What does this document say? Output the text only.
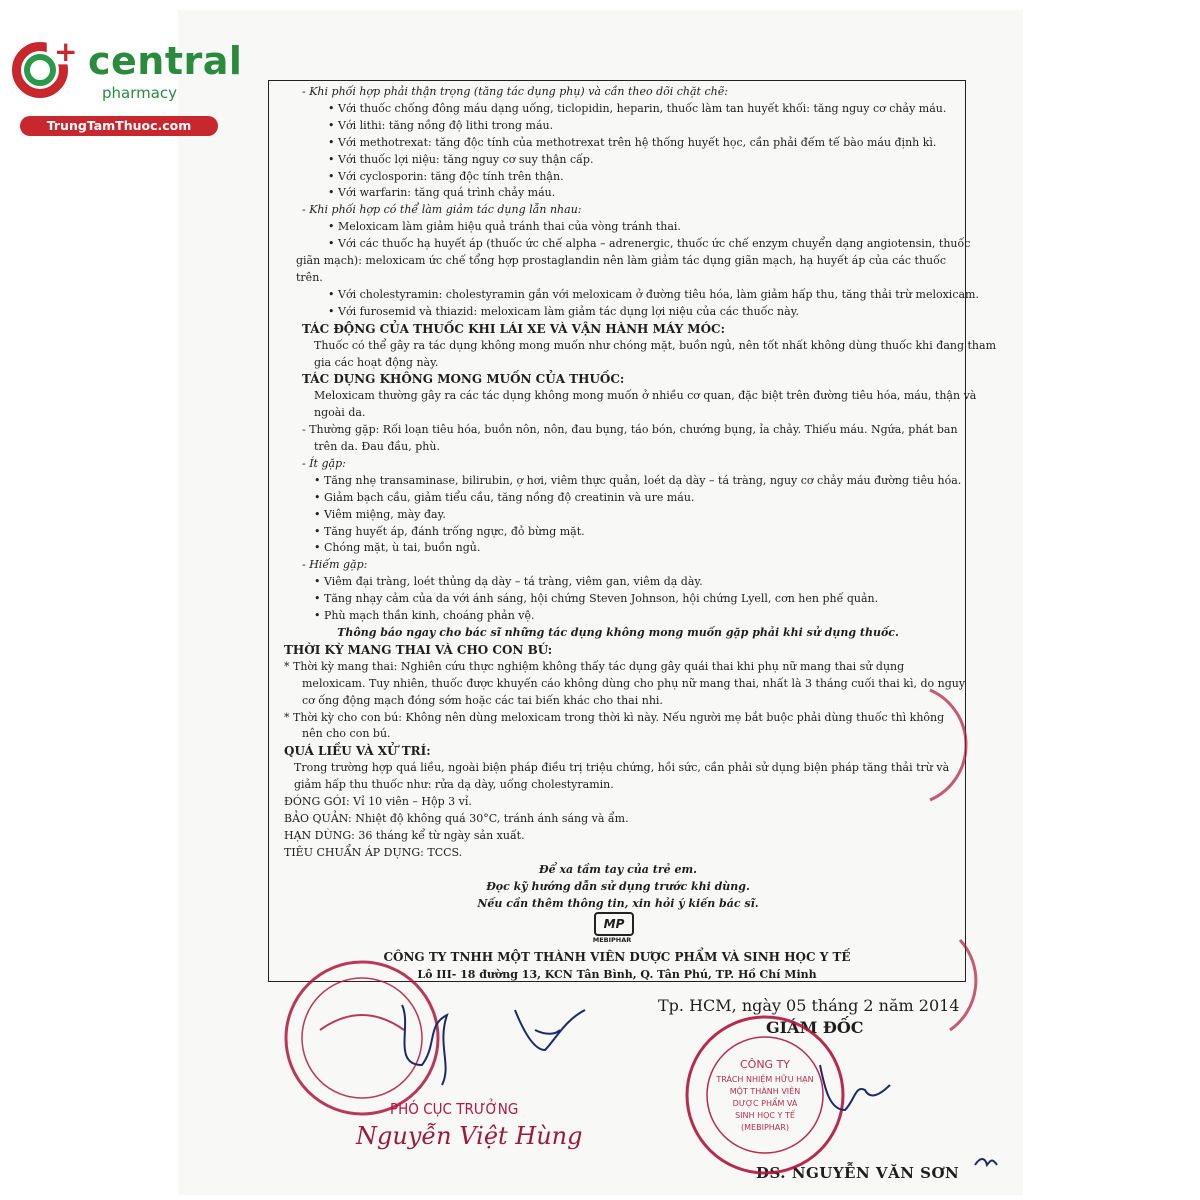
+ central
pharmacy
TrungTamThuoc.com
- Khi phối hợp phải thận trọng (tăng tác dụng phụ) và cần theo dõi chặt chẽ:
• Với thuốc chống đông máu dạng uống, ticlopidin, heparin, thuốc làm tan huyết khối: tăng nguy cơ chảy máu.
• Với lithi: tăng nồng độ lithi trong máu.
• Với methotrexat: tăng độc tính của methotrexat trên hệ thống huyết học, cần phải đếm tế bào máu định kì.
• Với thuốc lợi niệu: tăng nguy cơ suy thận cấp.
• Với cyclosporin: tăng độc tính trên thận.
• Với warfarin: tăng quá trình chảy máu.
- Khi phối hợp có thể làm giảm tác dụng lẫn nhau:
• Meloxicam làm giảm hiệu quả tránh thai của vòng tránh thai.
• Với các thuốc hạ huyết áp (thuốc ức chế alpha – adrenergic, thuốc ức chế enzym chuyển dạng angiotensin, thuốc
giãn mạch): meloxicam ức chế tổng hợp prostaglandin nên làm giảm tác dụng giãn mạch, hạ huyết áp của các thuốc
trên.
• Với cholestyramin: cholestyramin gắn với meloxicam ở đường tiêu hóa, làm giảm hấp thu, tăng thải trừ meloxicam.
• Với furosemid và thiazid: meloxicam làm giảm tác dụng lợi niệu của các thuốc này.
TÁC ĐỘNG CỦA THUỐC KHI LÁI XE VÀ VẬN HÀNH MÁY MÓC:
Thuốc có thể gây ra tác dụng không mong muốn như chóng mặt, buồn ngủ, nên tốt nhất không dùng thuốc khi đang tham
gia các hoạt động này.
TÁC DỤNG KHÔNG MONG MUỐN CỦA THUỐC:
Meloxicam thường gây ra các tác dụng không mong muốn ở nhiều cơ quan, đặc biệt trên đường tiêu hóa, máu, thận và
ngoài da.
- Thường gặp: Rối loạn tiêu hóa, buồn nôn, nôn, đau bụng, táo bón, chướng bụng, ỉa chảy. Thiếu máu. Ngứa, phát ban
trên da. Đau đầu, phù.
- Ít gặp:
• Tăng nhẹ transaminase, bilirubin, ợ hơi, viêm thực quản, loét dạ dày – tá tràng, nguy cơ chảy máu đường tiêu hóa.
• Giảm bạch cầu, giảm tiểu cầu, tăng nồng độ creatinin và ure máu.
• Viêm miệng, mày đay.
• Tăng huyết áp, đánh trống ngực, đỏ bừng mặt.
• Chóng mặt, ù tai, buồn ngủ.
- Hiếm gặp:
• Viêm đại tràng, loét thủng dạ dày – tá tràng, viêm gan, viêm dạ dày.
• Tăng nhạy cảm của da với ánh sáng, hội chứng Steven Johnson, hội chứng Lyell, cơn hen phế quản.
• Phù mạch thần kinh, choáng phản vệ.
Thông báo ngay cho bác sĩ những tác dụng không mong muốn gặp phải khi sử dụng thuốc.
THỜI KỲ MANG THAI VÀ CHO CON BÚ:
* Thời kỳ mang thai: Nghiên cứu thực nghiệm không thấy tác dụng gây quái thai khi phụ nữ mang thai sử dụng
meloxicam. Tuy nhiên, thuốc được khuyến cáo không dùng cho phụ nữ mang thai, nhất là 3 tháng cuối thai kì, do nguy
cơ ống động mạch đóng sớm hoặc các tai biến khác cho thai nhi.
* Thời kỳ cho con bú: Không nên dùng meloxicam trong thời kì này. Nếu người mẹ bắt buộc phải dùng thuốc thì không
nên cho con bú.
QUÁ LIỀU VÀ XỬ TRÍ:
Trong trường hợp quá liều, ngoài biện pháp điều trị triệu chứng, hồi sức, cần phải sử dụng biện pháp tăng thải trừ và
giảm hấp thu thuốc như: rửa dạ dày, uống cholestyramin.
ĐÓNG GÓI: Vỉ 10 viên – Hộp 3 vỉ.
BẢO QUẢN: Nhiệt độ không quá 30°C, tránh ánh sáng và ẩm.
HẠN DÙNG: 36 tháng kể từ ngày sản xuất.
TIÊU CHUẨN ÁP DỤNG: TCCS.
Để xa tầm tay của trẻ em.
Đọc kỹ hướng dẫn sử dụng trước khi dùng.
Nếu cần thêm thông tin, xin hỏi ý kiến bác sĩ.
MP
MEBIPHAR
CÔNG TY TNHH MỘT THÀNH VIÊN DƯỢC PHẨM VÀ SINH HỌC Y TẾ
Lô III- 18 đường 13, KCN Tân Bình, Q. Tân Phú, TP. Hồ Chí Minh
Tp. HCM, ngày 05 tháng 2 năm 2014
GIÁM ĐỐC
DS. NGUYỄN VĂN SƠN
PHÓ CỤC TRƯỞNG
Nguyễn Việt Hùng
CÔNG TY
TRÁCH NHIỆM HỮU HẠN
MỘT THÀNH VIÊN
DƯỢC PHẨM VÀ
SINH HỌC Y TẾ
(MEBIPHAR)
